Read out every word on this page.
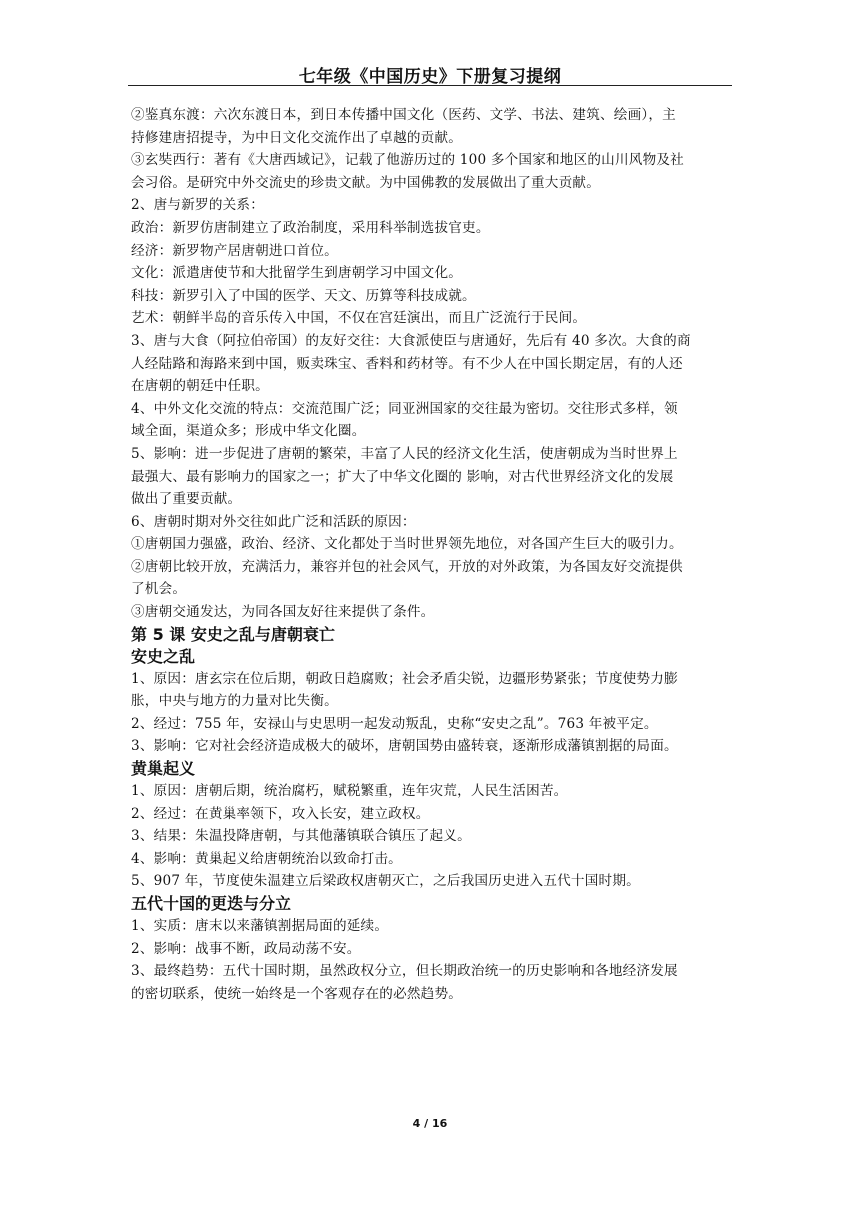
七年级《中国历史》下册复习提纲
②鉴真东渡：六次东渡日本，到日本传播中国文化（医药、文学、书法、建筑、绘画），主
持修建唐招提寺，为中日文化交流作出了卓越的贡献。
③玄奘西行：著有《大唐西域记》，记载了他游历过的 100 多个国家和地区的山川风物及社
会习俗。是研究中外交流史的珍贵文献。为中国佛教的发展做出了重大贡献。
2、唐与新罗的关系：
政治：新罗仿唐制建立了政治制度，采用科举制选拔官吏。
经济：新罗物产居唐朝进口首位。
文化：派遣唐使节和大批留学生到唐朝学习中国文化。
科技：新罗引入了中国的医学、天文、历算等科技成就。
艺术：朝鲜半岛的音乐传入中国，不仅在宫廷演出，而且广泛流行于民间。
3、唐与大食（阿拉伯帝国）的友好交往：大食派使臣与唐通好，先后有 40 多次。大食的商
人经陆路和海路来到中国，贩卖珠宝、香料和药材等。有不少人在中国长期定居，有的人还
在唐朝的朝廷中任职。
4、中外文化交流的特点：交流范围广泛；同亚洲国家的交往最为密切。交往形式多样，领
域全面，渠道众多；形成中华文化圈。
5、影响：进一步促进了唐朝的繁荣，丰富了人民的经济文化生活，使唐朝成为当时世界上
最强大、最有影响力的国家之一；扩大了中华文化圈的 影响，对古代世界经济文化的发展
做出了重要贡献。
6、唐朝时期对外交往如此广泛和活跃的原因：
①唐朝国力强盛，政治、经济、文化都处于当时世界领先地位，对各国产生巨大的吸引力。
②唐朝比较开放，充满活力，兼容并包的社会风气，开放的对外政策，为各国友好交流提供
了机会。
③唐朝交通发达，为同各国友好往来提供了条件。
第 5 课 安史之乱与唐朝衰亡
安史之乱
1、原因：唐玄宗在位后期，朝政日趋腐败；社会矛盾尖锐，边疆形势紧张；节度使势力膨
胀，中央与地方的力量对比失衡。
2、经过：755 年，安禄山与史思明一起发动叛乱，史称“安史之乱”。763 年被平定。
3、影响：它对社会经济造成极大的破坏，唐朝国势由盛转衰，逐渐形成藩镇割据的局面。
黄巢起义
1、原因：唐朝后期，统治腐朽，赋税繁重，连年灾荒，人民生活困苦。
2、经过：在黄巢率领下，攻入长安，建立政权。
3、结果：朱温投降唐朝，与其他藩镇联合镇压了起义。
4、影响：黄巢起义给唐朝统治以致命打击。
5、907 年，节度使朱温建立后梁政权唐朝灭亡，之后我国历史进入五代十国时期。
五代十国的更迭与分立
1、实质：唐末以来藩镇割据局面的延续。
2、影响：战事不断，政局动荡不安。
3、最终趋势：五代十国时期，虽然政权分立，但长期政治统一的历史影响和各地经济发展
的密切联系，使统一始终是一个客观存在的必然趋势。
4 / 16
